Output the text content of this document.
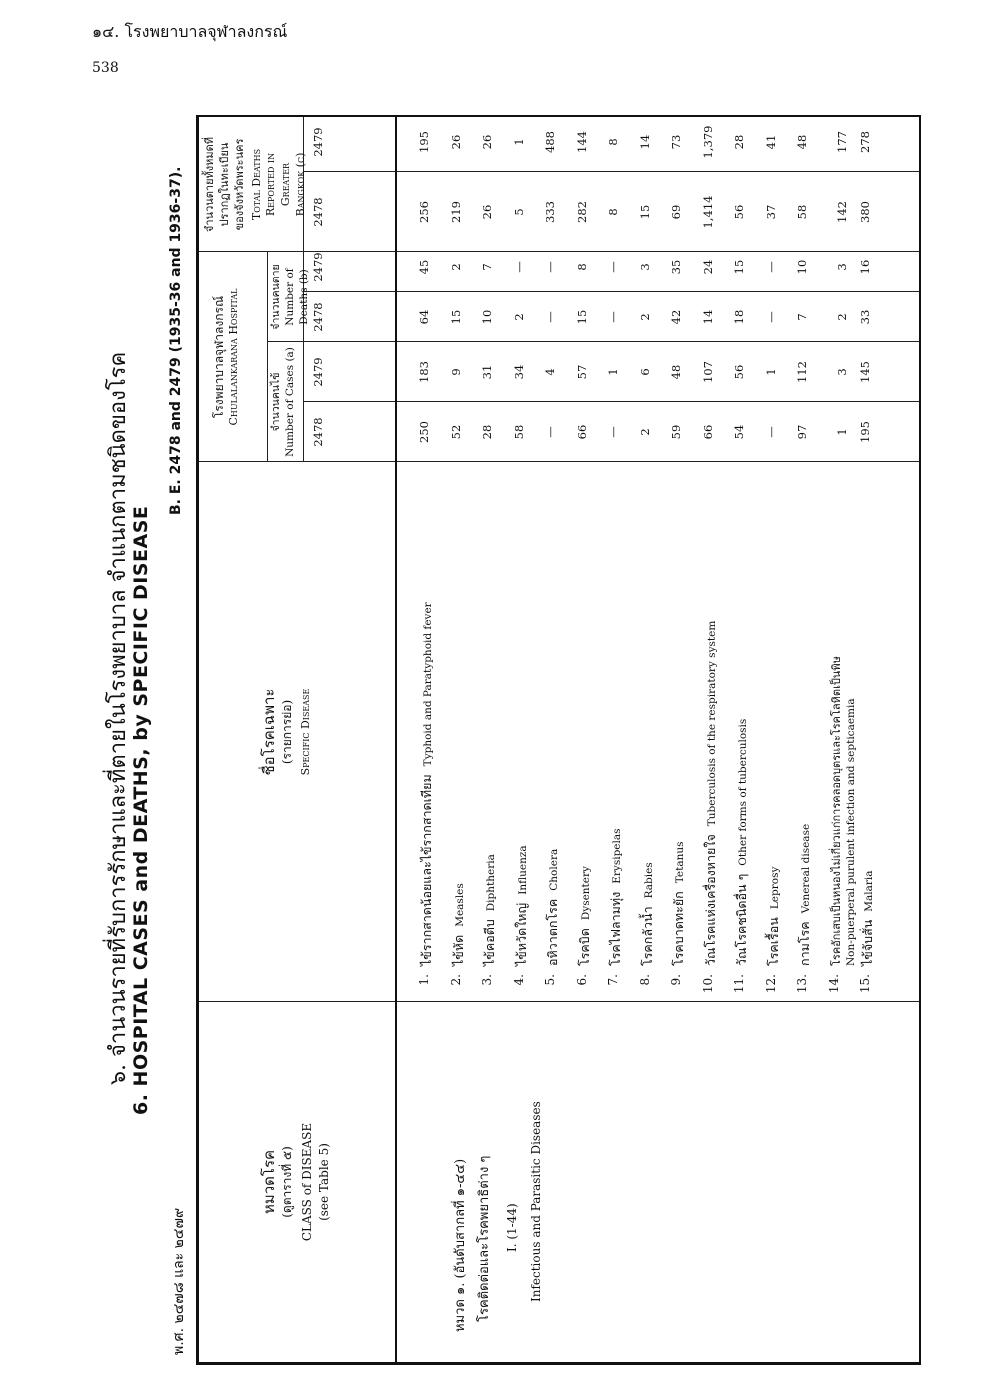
๑๔. โรงพยาบาลจุฬาลงกรณ์
538
๖. จำนวนรายที่รับการรักษาและที่ตายในโรงพยาบาล จำแนกตามชนิดของโรค 6. HOSPITAL CASES and DEATHS, by SPECIFIC DISEASE
พ.ศ. ๒๔๗๘ และ ๒๔๗๙
B. E. 2478 and 2479 (1935-36 and 1936-37).
หมวดโรค (ดูตารางที่ ๕) CLASS of DISEASE (see Table 5)
ชื่อโรคเฉพาะ (รายการย่อ) Specific Disease
โรงพยาบาลจุฬาลงกรณ์ Chulalankarana Hospital	จำนวนคนไข้ Number of Cases (a)
จำนวนคนตาย Number of Deaths (b)
จำนวนตายทั้งหมดที่ ปรากฏในทะเบียน ของจังหวัดพระนคร Total Deaths Reported in Greater Bangkok (c)
2478
2479
2478
2479
2478
2479
หมวด ๑. (อันดับสากลที่ ๑-๔๔) โรคติดต่อและโรคพยาธิต่าง ๆ I. (1-44) Infectious and Parasitic Diseases
1.
ไข้รากสาดน้อยและไข้รากสาดเทียมTyphoid and Paratyphoid fever
250
183
64
45
256
195
2.
ไข้หัดMeasles
52
9
15
2
219
26
3.
ไข้คอตีบDiphtheria
28
31
10
7
26
26
4.
ไข้หวัดใหญ่Influenza
58
34
2
—
5
1
5.
อหิวาตกโรคCholera
—
4
—
—
333
488
6.
โรคบิดDysentery
66
57
15
8
282
144
7.
โรคไฟลามทุ่งErysipelas
—
1
—
—
8
8
8.
โรคกลัวน้ำRabies
2
6
2
3
15
14
9.
โรคบาดทะยักTetanus
59
48
42
35
69
73
10.
วัณโรคแห่งเครื่องหายใจTuberculosis of the respiratory system
66
107
14
24
1,414
1,379
11.
วัณโรคชนิดอื่น ๆOther forms of tuberculosis
54
56
18
15
56
28
12.
โรคเรื้อนLeprosy
—
1
—
—
37
41
13.
กามโรคVenereal disease
97
112
7
10
58
48
14.
โรคอักเสบเป็นหนองไม่เกี่ยวแก่การคลอดบุตรและโรคโลหิตเป็นพิษ Non-puerperal purulent infection and septicaemia
1
3
2
3
142
177
15.
ไข้จับสั่นMalaria
195
145
33
16
380
278
